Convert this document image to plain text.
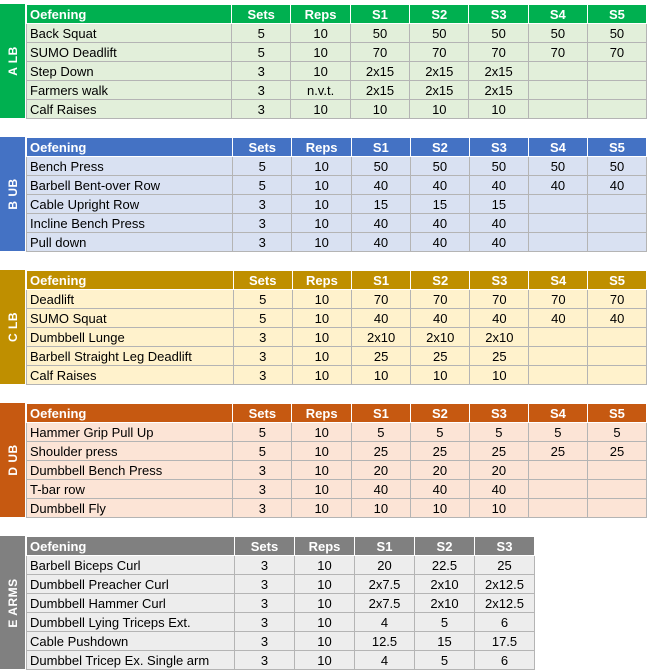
A LB
Oefening	Sets	Reps	S1	S2	S3	S4	S5
Back Squat	5	10	50	50	50	50	50
SUMO Deadlift	5	10	70	70	70	70	70
Step Down	3	10	2x15	2x15	2x15		
Farmers walk	3	n.v.t.	2x15	2x15	2x15		
Calf Raises	3	10	10	10	10		
B UB
Oefening	Sets	Reps	S1	S2	S3	S4	S5
Bench Press	5	10	50	50	50	50	50
Barbell Bent-over Row	5	10	40	40	40	40	40
Cable Upright Row	3	10	15	15	15		
Incline Bench Press	3	10	40	40	40		
Pull down	3	10	40	40	40		
C LB
Oefening	Sets	Reps	S1	S2	S3	S4	S5
Deadlift	5	10	70	70	70	70	70
SUMO Squat	5	10	40	40	40	40	40
Dumbbell Lunge	3	10	2x10	2x10	2x10		
Barbell Straight Leg Deadlift	3	10	25	25	25		
Calf Raises	3	10	10	10	10		
D UB
Oefening	Sets	Reps	S1	S2	S3	S4	S5
Hammer Grip Pull Up	5	10	5	5	5	5	5
Shoulder press	5	10	25	25	25	25	25
Dumbbell Bench Press	3	10	20	20	20		
T-bar row	3	10	40	40	40		
Dumbbell Fly	3	10	10	10	10		
E ARMS
Oefening	Sets	Reps	S1	S2	S3
Barbell Biceps Curl	3	10	20	22.5	25
Dumbbell Preacher Curl	3	10	2x7.5	2x10	2x12.5
Dumbbell Hammer Curl	3	10	2x7.5	2x10	2x12.5
Dumbbell Lying Triceps Ext.	3	10	4	5	6
Cable Pushdown	3	10	12.5	15	17.5
Dumbbel Tricep Ex. Single arm	3	10	4	5	6
